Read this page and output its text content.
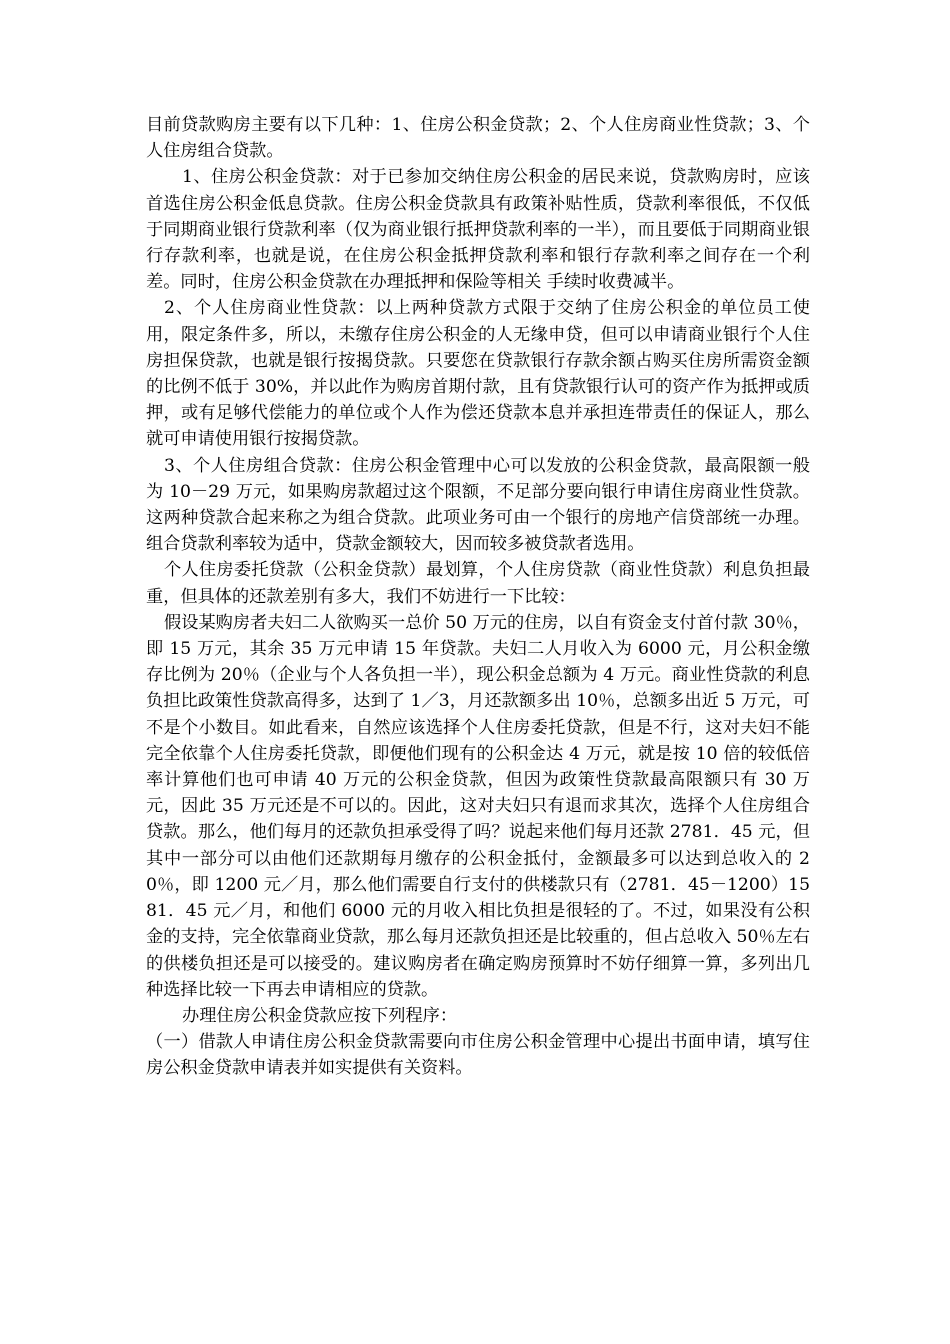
目前贷款购房主要有以下几种：1、住房公积金贷款；2、个人住房商业性贷款；3、个人住房组合贷款。

1、住房公积金贷款：对于已参加交纳住房公积金的居民来说，贷款购房时，应该首选住房公积金低息贷款。住房公积金贷款具有政策补贴性质，贷款利率很低，不仅低于同期商业银行贷款利率（仅为商业银行抵押贷款利率的一半），而且要低于同期商业银行存款利率，也就是说，在住房公积金抵押贷款利率和银行存款利率之间存在一个利差。同时，住房公积金贷款在办理抵押和保险等相关 手续时收费减半。

2、个人住房商业性贷款：以上两种贷款方式限于交纳了住房公积金的单位员工使用，限定条件多，所以，未缴存住房公积金的人无缘申贷，但可以申请商业银行个人住房担保贷款，也就是银行按揭贷款。只要您在贷款银行存款余额占购买住房所需资金额的比例不低于 30%，并以此作为购房首期付款，且有贷款银行认可的资产作为抵押或质押，或有足够代偿能力的单位或个人作为偿还贷款本息并承担连带责任的保证人，那么就可申请使用银行按揭贷款。

3、个人住房组合贷款：住房公积金管理中心可以发放的公积金贷款，最高限额一般为 10－29 万元，如果购房款超过这个限额，不足部分要向银行申请住房商业性贷款。这两种贷款合起来称之为组合贷款。此项业务可由一个银行的房地产信贷部统一办理。组合贷款利率较为适中，贷款金额较大，因而较多被贷款者选用。

个人住房委托贷款（公积金贷款）最划算，个人住房贷款（商业性贷款）利息负担最重，但具体的还款差别有多大，我们不妨进行一下比较：

假设某购房者夫妇二人欲购买一总价 50 万元的住房，以自有资金支付首付款 30％，即 15 万元，其余 35 万元申请 15 年贷款。夫妇二人月收入为 6000 元，月公积金缴存比例为 20％（企业与个人各负担一半），现公积金总额为 4 万元。商业性贷款的利息负担比政策性贷款高得多，达到了 1／3，月还款额多出 10％，总额多出近 5 万元，可不是个小数目。如此看来，自然应该选择个人住房委托贷款，但是不行，这对夫妇不能完全依靠个人住房委托贷款，即便他们现有的公积金达 4 万元，就是按 10 倍的较低倍率计算他们也可申请 40 万元的公积金贷款，但因为政策性贷款最高限额只有 30 万元，因此 35 万元还是不可以的。因此，这对夫妇只有退而求其次，选择个人住房组合贷款。那么，他们每月的还款负担承受得了吗？说起来他们每月还款 2781．45 元，但其中一部分可以由他们还款期每月缴存的公积金抵付，金额最多可以达到总收入的 20％，即 1200 元／月，那么他们需要自行支付的供楼款只有（2781．45－1200）1581．45 元／月，和他们 6000 元的月收入相比负担是很轻的了。不过，如果没有公积金的支持，完全依靠商业贷款，那么每月还款负担还是比较重的，但占总收入 50％左右的供楼负担还是可以接受的。建议购房者在确定购房预算时不妨仔细算一算，多列出几种选择比较一下再去申请相应的贷款。

办理住房公积金贷款应按下列程序：

（一）借款人申请住房公积金贷款需要向市住房公积金管理中心提出书面申请，填写住房公积金贷款申请表并如实提供有关资料。
